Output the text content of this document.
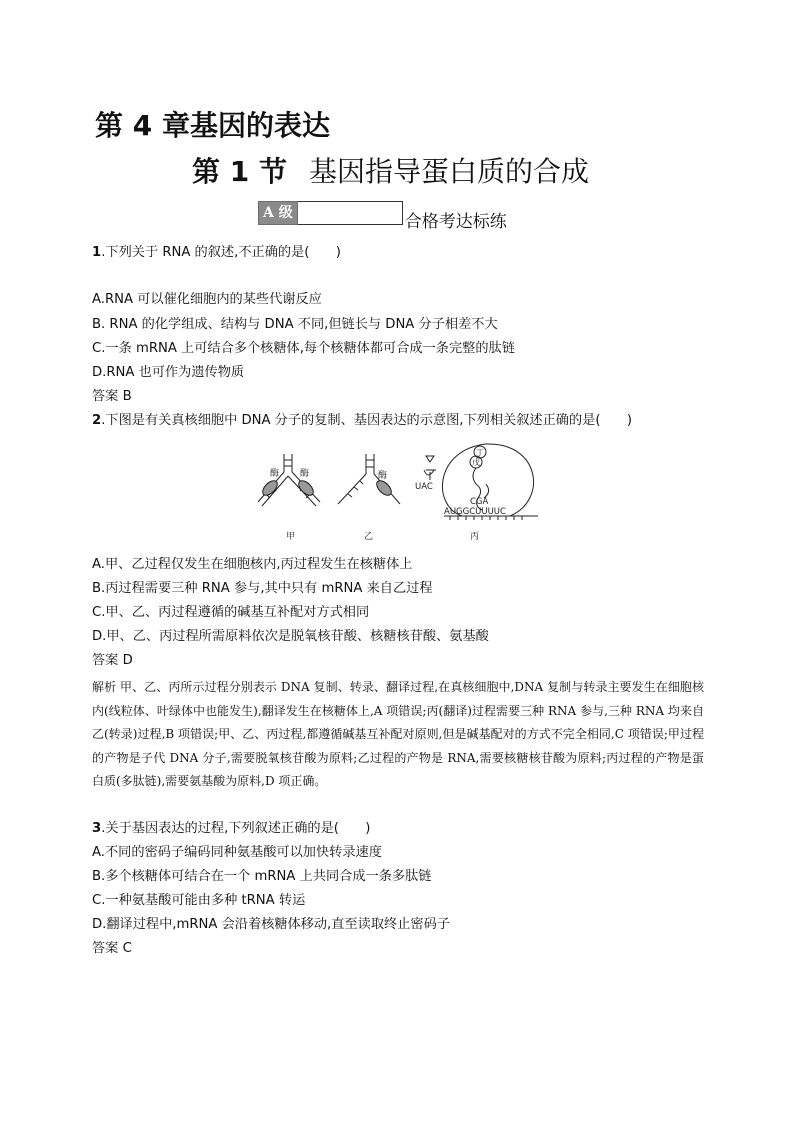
第 4 章基因的表达
第 1 节 基因指导蛋白质的合成
A 级	合格考达标练
1.下列关于 RNA 的叙述,不正确的是(　　)
A.RNA 可以催化细胞内的某些代谢反应
B. RNA 的化学组成、结构与 DNA 不同,但链长与 DNA 分子相差不大
C.一条 mRNA 上可结合多个核糖体,每个核糖体都可合成一条完整的肽链
D.RNA 也可作为遗传物质
答案 B
2.下图是有关真核细胞中 DNA 分子的复制、基因表达的示意图,下列相关叙述正确的是(　　)
酶 酶	酶
丁
戊
UAC
CGA
AUGGCUUUUC
甲	乙	丙
A.甲、乙过程仅发生在细胞核内,丙过程发生在核糖体上
B.丙过程需要三种 RNA 参与,其中只有 mRNA 来自乙过程
C.甲、乙、丙过程遵循的碱基互补配对方式相同
D.甲、乙、丙过程所需原料依次是脱氧核苷酸、核糖核苷酸、氨基酸
答案 D
解析 甲、乙、丙所示过程分别表示 DNA 复制、转录、翻译过程,在真核细胞中,DNA 复制与转录主要发生在细胞核内(线粒体、叶绿体中也能发生),翻译发生在核糖体上,A 项错误;丙(翻译)过程需要三种 RNA 参与,三种 RNA 均来自乙(转录)过程,B 项错误;甲、乙、丙过程,都遵循碱基互补配对原则,但是碱基配对的方式不完全相同,C 项错误;甲过程的产物是子代 DNA 分子,需要脱氧核苷酸为原料;乙过程的产物是 RNA,需要核糖核苷酸为原料;丙过程的产物是蛋白质(多肽链),需要氨基酸为原料,D 项正确。
3.关于基因表达的过程,下列叙述正确的是(　　)
A.不同的密码子编码同种氨基酸可以加快转录速度
B.多个核糖体可结合在一个 mRNA 上共同合成一条多肽链
C.一种氨基酸可能由多种 tRNA 转运
D.翻译过程中,mRNA 会沿着核糖体移动,直至读取终止密码子
答案 C
